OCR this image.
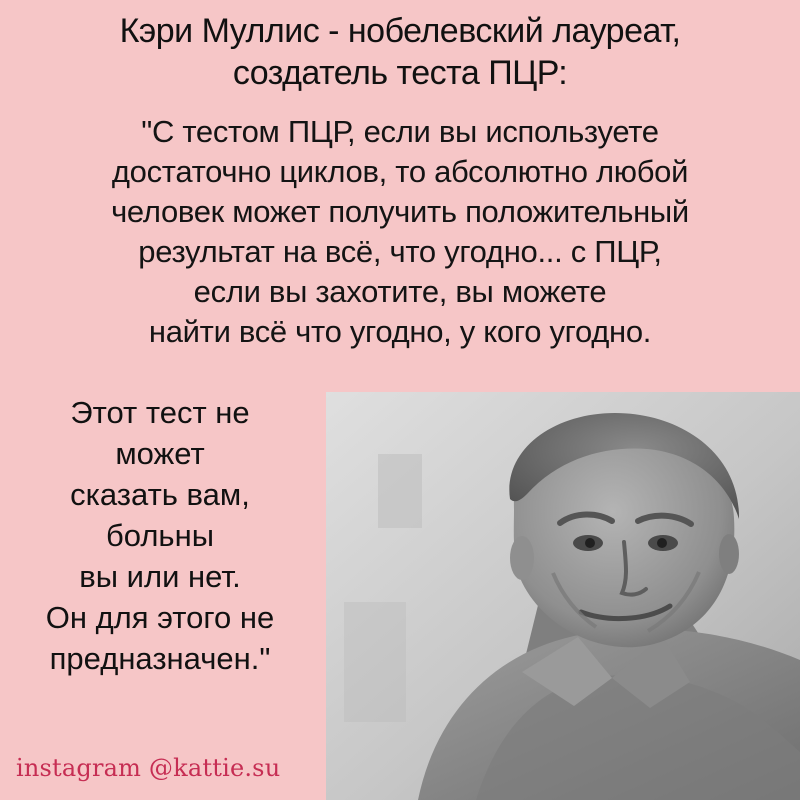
Кэри Муллис - нобелевский лауреат,
создатель теста ПЦР:
"С тестом ПЦР, если вы используете
достаточно циклов, то абсолютно любой
человек может получить положительный
результат на всё, что угодно... с ПЦР,
если вы захотите, вы можете
найти всё что угодно, у кого угодно.
Этот тест не
может
сказать вам,
больны
вы или нет.
Он для этого не
предназначен."
instagram @kattie.su
